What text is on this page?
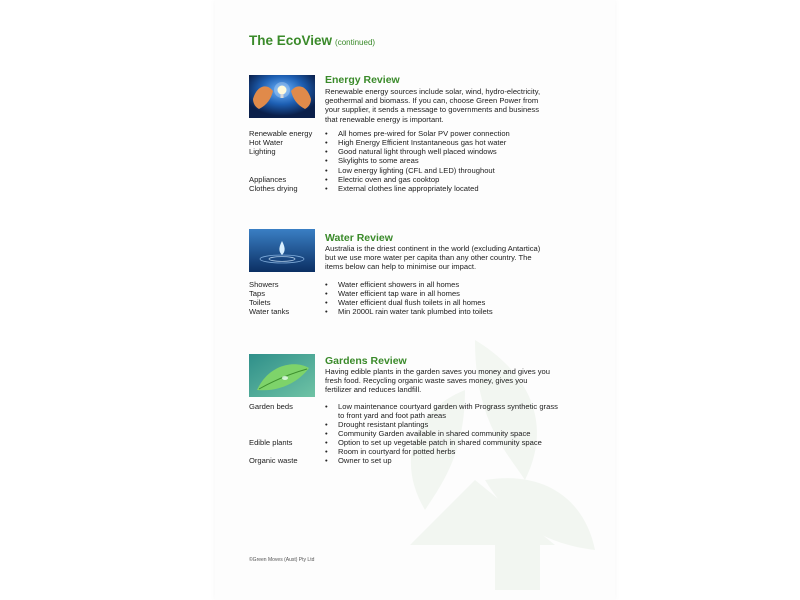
The EcoView (continued)
Energy Review
Renewable energy sources include solar, wind, hydro-electricity, geothermal and biomass. If you can, choose Green Power from your supplier, it sends a message to governments and business that renewable energy is important.
Renewable energy • All homes pre-wired for Solar PV power connection
Hot Water	• High Energy Efficient Instantaneous gas hot water
Lighting	• Good natural light through well placed windows
• Skylights to some areas
• Low energy lighting (CFL and LED) throughout
Appliances	• Electric oven and gas cooktop
Clothes drying	• External clothes line appropriately located
Water Review
Australia is the driest continent in the world (excluding Antartica) but we use more water per capita than any other country. The items below can help to minimise our impact.
Showers	• Water efficient showers in all homes
Taps	• Water efficient tap ware in all homes
Toilets	• Water efficient dual flush toilets in all homes
Water tanks	• Min 2000L rain water tank plumbed into toilets
Gardens Review
Having edible plants in the garden saves you money and gives you fresh food. Recycling organic waste saves money, gives you fertilizer and reduces landfill.
Garden beds	• Low maintenance courtyard garden with Prograss synthetic grass to front yard and foot path areas
• Drought resistant plantings
• Community Garden available in shared community space
Edible plants	• Option to set up vegetable patch in shared community space
• Room in courtyard for potted herbs
Organic waste	• Owner to set up
©Green Moves (Aust) Pty Ltd
